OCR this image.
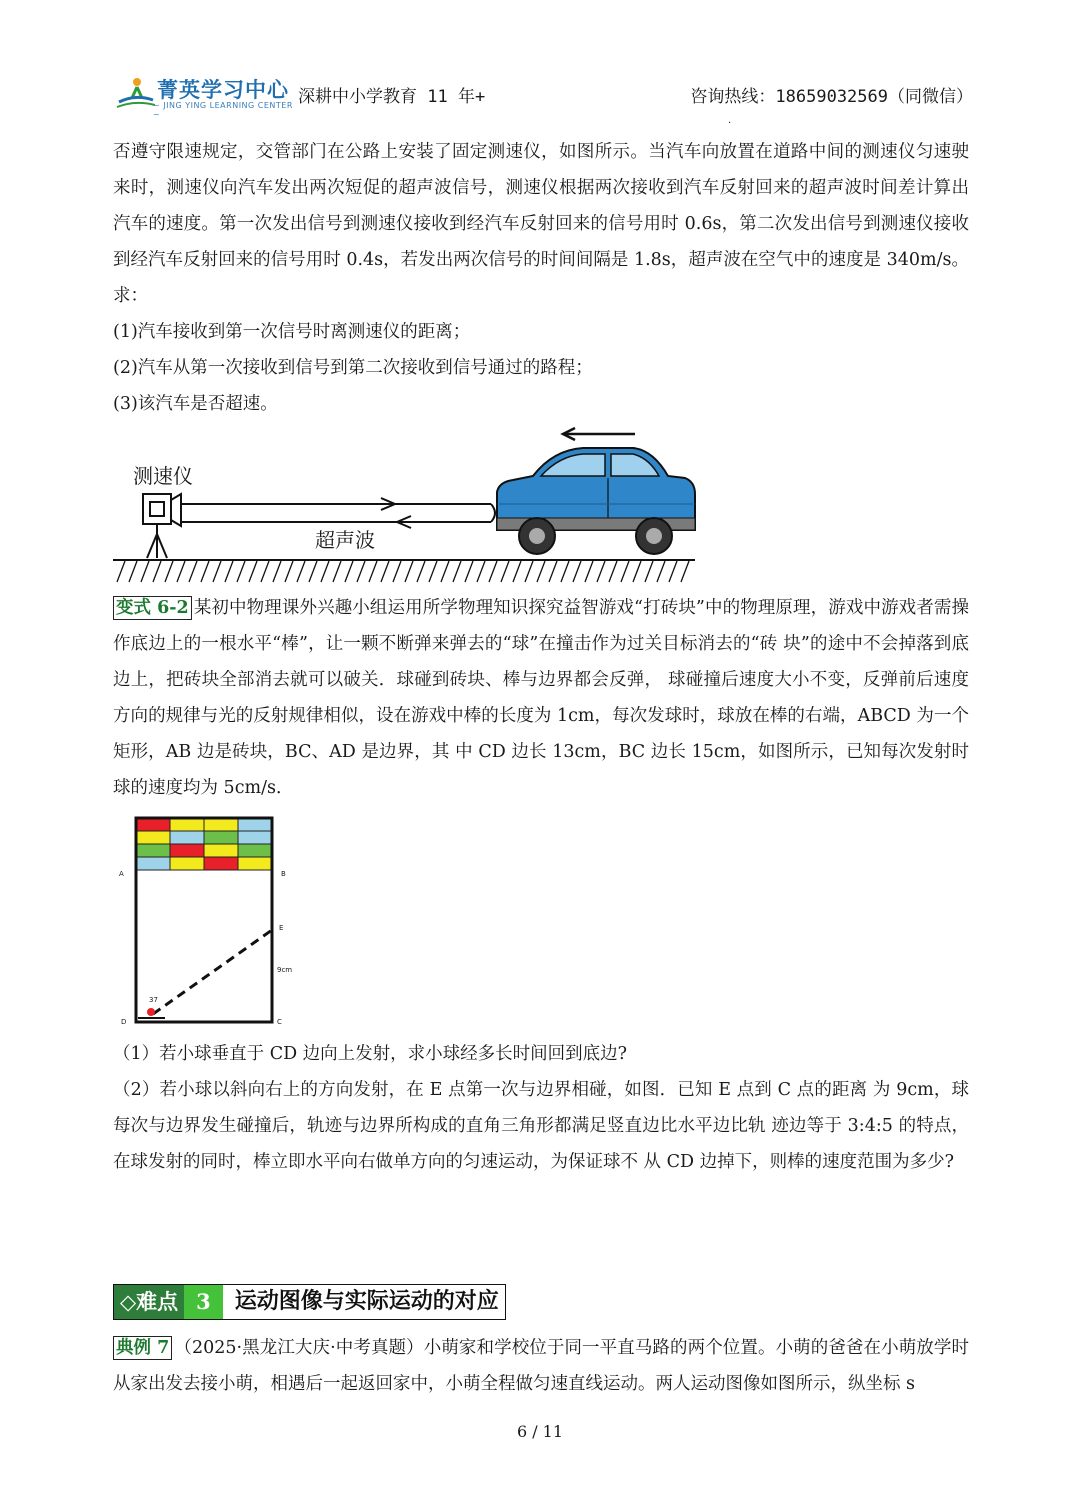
菁英学习中心
~ JING YING LEARNING CENTER ~
深耕中小学教育 11 年+	咨询热线：18659032569（同微信）
·
否遵守限速规定，交管部门在公路上安装了固定测速仪，如图所示。当汽车向放置在道路中间的测速仪匀速驶来时，测速仪向汽车发出两次短促的超声波信号，测速仪根据两次接收到汽车反射回来的超声波时间差计算出汽车的速度。第一次发出信号到测速仪接收到经汽车反射回来的信号用时 0.6s，第二次发出信号到测速仪接收到经汽车反射回来的信号用时 0.4s，若发出两次信号的时间间隔是 1.8s，超声波在空气中的速度是 340m/s。求：
(1)汽车接收到第一次信号时离测速仪的距离；
(2)汽车从第一次接收到信号到第二次接收到信号通过的路程；
(3)该汽车是否超速。
测速仪
超声波
变式 6-2 某初中物理课外兴趣小组运用所学物理知识探究益智游戏“打砖块”中的物理原理，游戏中游戏者需操作底边上的一根水平“棒”，让一颗不断弹来弹去的“球”在撞击作为过关目标消去的“砖 块”的途中不会掉落到底边上，把砖块全部消去就可以破关．球碰到砖块、棒与边界都会反弹， 球碰撞后速度大小不变，反弹前后速度方向的规律与光的反射规律相似，设在游戏中棒的长度为 1cm，每次发球时，球放在棒的右端，ABCD 为一个矩形，AB 边是砖块，BC、AD 是边界，其 中 CD 边长 13cm，BC 边长 15cm，如图所示，已知每次发射时球的速度均为 5cm/s．
A	B
E
9cm
37
D	C
（1）若小球垂直于 CD 边向上发射，求小球经多长时间回到底边?
（2）若小球以斜向右上的方向发射，在 E 点第一次与边界相碰，如图．已知 E 点到 C 点的距离 为 9cm，球每次与边界发生碰撞后，轨迹与边界所构成的直角三角形都满足竖直边比水平边比轨 迹边等于 3:4:5 的特点，在球发射的同时，棒立即水平向右做单方向的匀速运动，为保证球不 从 CD 边掉下，则棒的速度范围为多少?
◇难点 3	运动图像与实际运动的对应
典例 7 （2025·黑龙江大庆·中考真题）小萌家和学校位于同一平直马路的两个位置。小萌的爸爸在小萌放学时从家出发去接小萌，相遇后一起返回家中，小萌全程做匀速直线运动。两人运动图像如图所示，纵坐标 s
6 / 11
